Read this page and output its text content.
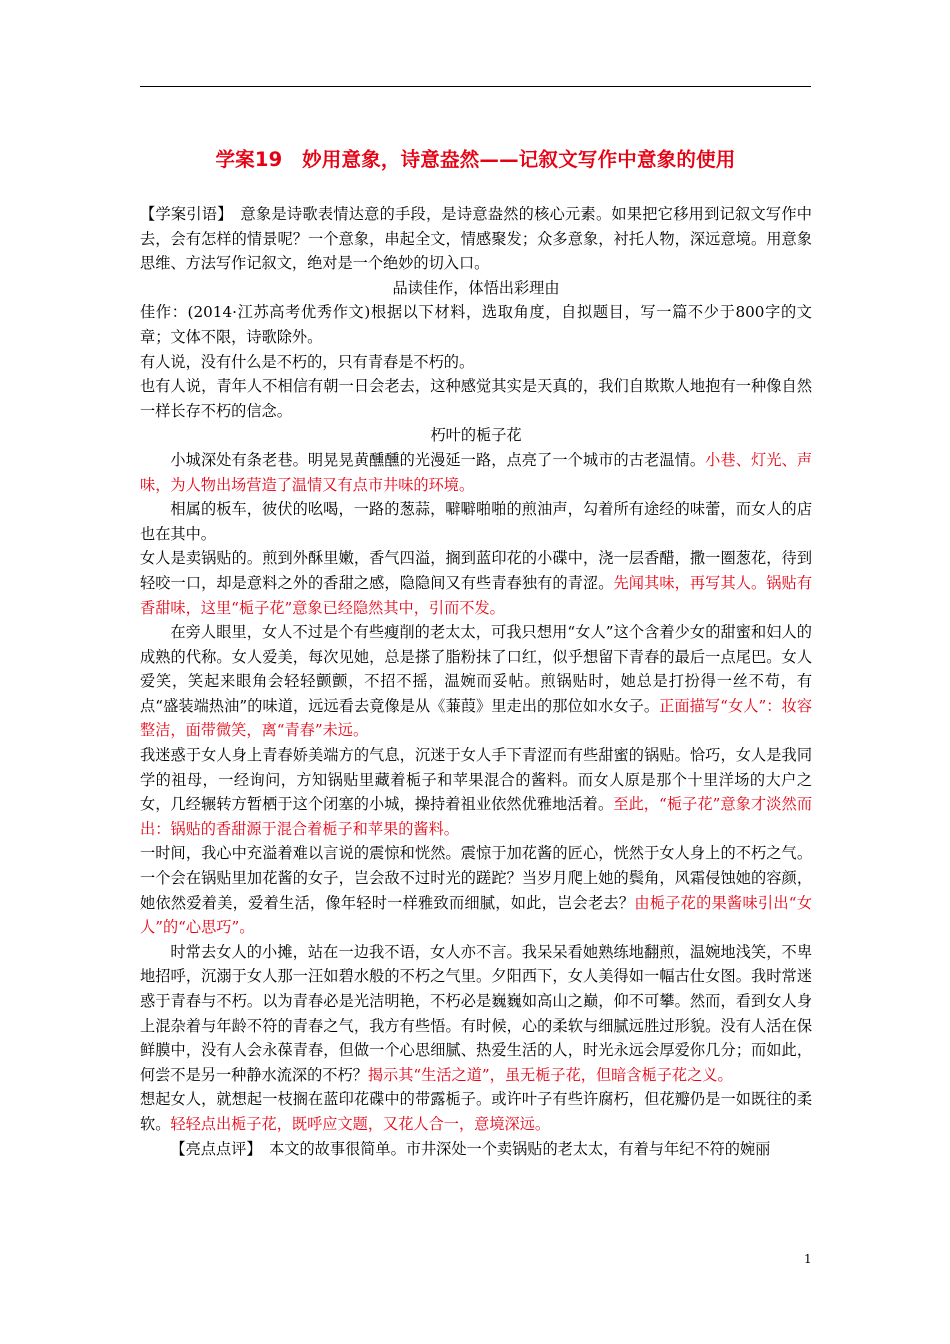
学案19　妙用意象，诗意盎然——记叙文写作中意象的使用

【学案引语】　意象是诗歌表情达意的手段，是诗意盎然的核心元素。如果把它移用到记叙文写作中去，会有怎样的情景呢？一个意象，串起全文，情感聚发；众多意象，衬托人物，深远意境。用意象思维、方法写作记叙文，绝对是一个绝妙的切入口。

品读佳作，体悟出彩理由

佳作：(2014·江苏高考优秀作文)根据以下材料，选取角度，自拟题目，写一篇不少于800字的文章；文体不限，诗歌除外。

有人说，没有什么是不朽的，只有青春是不朽的。

也有人说，青年人不相信有朝一日会老去，这种感觉其实是天真的，我们自欺欺人地抱有一种像自然一样长存不朽的信念。

朽叶的栀子花

小城深处有条老巷。明晃晃黄醺醺的光漫延一路，点亮了一个城市的古老温情。小巷、灯光、声味，为人物出场营造了温情又有点市井味的环境。

相属的板车，彼伏的吆喝，一路的葱蒜，噼噼啪啪的煎油声，勾着所有途经的味蕾，而女人的店也在其中。

女人是卖锅贴的。煎到外酥里嫩，香气四溢，搁到蓝印花的小碟中，浇一层香醋，撒一圈葱花，待到轻咬一口，却是意料之外的香甜之感，隐隐间又有些青春独有的青涩。先闻其味，再写其人。锅贴有香甜味，这里“栀子花”意象已经隐然其中，引而不发。

在旁人眼里，女人不过是个有些瘦削的老太太，可我只想用“女人”这个含着少女的甜蜜和妇人的成熟的代称。女人爱美，每次见她，总是搽了脂粉抹了口红，似乎想留下青春的最后一点尾巴。女人爱笑，笑起来眼角会轻轻颤颤，不招不摇，温婉而妥帖。煎锅贴时，她总是打扮得一丝不苟，有点“盛装端热油”的味道，远远看去竟像是从《蒹葭》里走出的那位如水女子。正面描写“女人”：妆容整洁，面带微笑，离“青春”未远。

我迷惑于女人身上青春娇美端方的气息，沉迷于女人手下青涩而有些甜蜜的锅贴。恰巧，女人是我同学的祖母，一经询问，方知锅贴里藏着栀子和苹果混合的酱料。而女人原是那个十里洋场的大户之女，几经辗转方暂栖于这个闭塞的小城，操持着祖业依然优雅地活着。至此，“栀子花”意象才淡然而出：锅贴的香甜源于混合着栀子和苹果的酱料。

一时间，我心中充溢着难以言说的震惊和恍然。震惊于加花酱的匠心，恍然于女人身上的不朽之气。一个会在锅贴里加花酱的女子，岂会敌不过时光的蹉跎？当岁月爬上她的鬓角，风霜侵蚀她的容颜，她依然爱着美，爱着生活，像年轻时一样雅致而细腻，如此，岂会老去？由栀子花的果酱味引出“女人”的“心思巧”。

时常去女人的小摊，站在一边我不语，女人亦不言。我呆呆看她熟练地翻煎，温婉地浅笑，不卑地招呼，沉溺于女人那一汪如碧水般的不朽之气里。夕阳西下，女人美得如一幅古仕女图。我时常迷惑于青春与不朽。以为青春必是光洁明艳，不朽必是巍巍如高山之巅，仰不可攀。然而，看到女人身上混杂着与年龄不符的青春之气，我方有些悟。有时候，心的柔软与细腻远胜过形貌。没有人活在保鲜膜中，没有人会永葆青春，但做一个心思细腻、热爱生活的人，时光永远会厚爱你几分；而如此，何尝不是另一种静水流深的不朽？揭示其“生活之道”，虽无栀子花，但暗含栀子花之义。

想起女人，就想起一枝搁在蓝印花碟中的带露栀子。或许叶子有些许腐朽，但花瓣仍是一如既往的柔软。轻轻点出栀子花，既呼应文题，又花人合一，意境深远。

【亮点点评】　本文的故事很简单。市井深处一个卖锅贴的老太太，有着与年纪不符的婉丽

1
